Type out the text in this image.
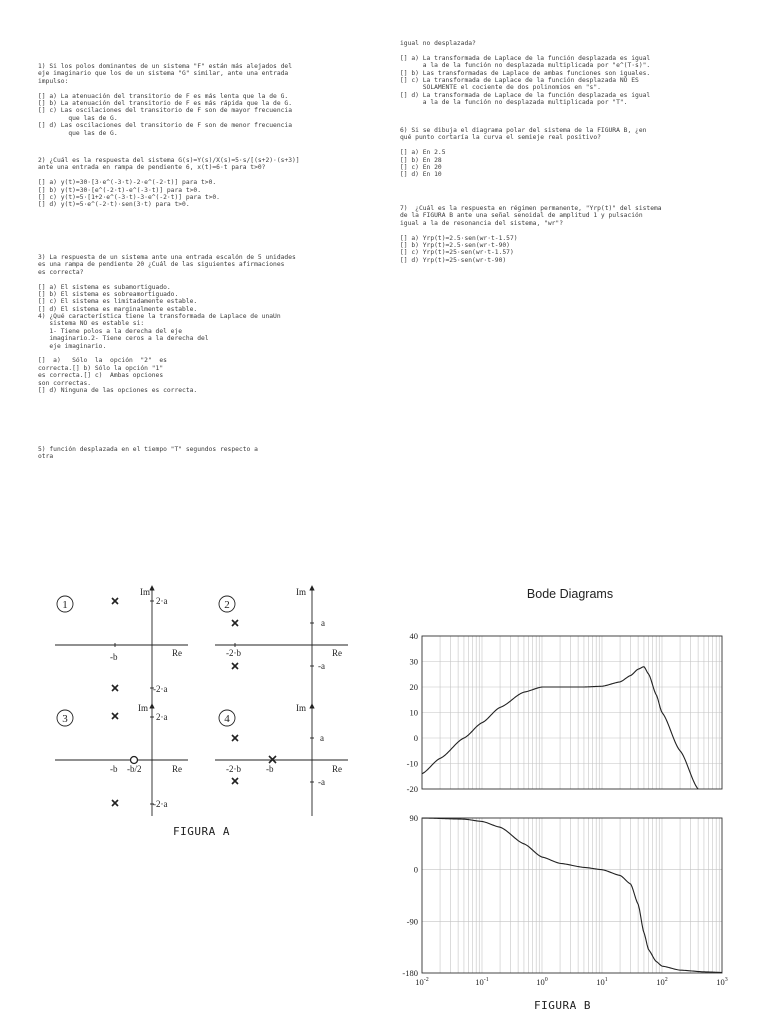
1) Si los polos dominantes de un sistema "F" están más alejados del
eje imaginario que los de un sistema "G" similar, ante una entrada
impulso:

[] a) La atenuación del transitorio de F es más lenta que la de G.
[] b) La atenuación del transitorio de F es más rápida que la de G.
[] c) Las oscilaciones del transitorio de F son de mayor frecuencia
que las de G.
[] d) Las oscilaciones del transitorio de F son de menor frecuencia
que las de G.
2) ¿Cuál es la respuesta del sistema G(s)=Y(s)/X(s)=5·s/[(s+2)·(s+3)]
ante una entrada en rampa de pendiente 6, x(t)=6·t para t>0?

[] a) y(t)=30·[3·e^(-3·t)-2·e^(-2·t)] para t>0.
[] b) y(t)=30·[e^(-2·t)-e^(-3·t)] para t>0.
[] c) y(t)=5·[1+2·e^(-3·t)-3·e^(-2·t)] para t>0.
[] d) y(t)=5·e^(-2·t)·sen(3·t) para t>0.
3) La respuesta de un sistema ante una entrada escalón de 5 unidades
es una rampa de pendiente 20 ¿Cuál de las siguientes afirmaciones
es correcta?

[] a) El sistema es subamortiguado.
[] b) El sistema es sobreamortiguado.
[] c) El sistema es limitadamente estable.
[] d) El sistema es marginalmente estable.
4) ¿Qué característica tiene la transformada de Laplace de unaUn
sistema NO es estable si:
1- Tiene polos a la derecha del eje
imaginario.2- Tiene ceros a la derecha del
eje imaginario.

[]  a)   Sólo  la  opción  "2"  es
correcta.[] b) Sólo la opción "1"
es correcta.[] c)  Ambas opciones
son correctas.
[] d) Ninguna de las opciones es correcta.
5) función desplazada en el tiempo "T" segundos respecto a
otra
igual no desplazada?

[] a) La transformada de Laplace de la función desplazada es igual
a la de la función no desplazada multiplicada por "e^(T·s)".
[] b) Las transformadas de Laplace de ambas funciones son iguales.
[] c) La transformada de Laplace de la función desplazada NO ES
SOLAMENTE el cociente de dos polinomios en "s".
[] d) La transformada de Laplace de la función desplazada es igual
a la de la función no desplazada multiplicada por "T".
6) Si se dibuja el diagrama polar del sistema de la FIGURA B, ¿en
qué punto cortaría la curva el semieje real positivo?

[] a) En 2.5
[] b) En 28
[] c) En 20
[] d) En 10
7)  ¿Cuál es la respuesta en régimen permanente, "Yrp(t)" del sistema
de la FIGURA B ante una señal senoidal de amplitud 1 y pulsación
igual a la de resonancia del sistema, "wr"?

[] a) Yrp(t)=2.5·sen(wr·t-1.57)
[] b) Yrp(t)=2.5·sen(wr·t-90)
[] c) Yrp(t)=25·sen(wr·t-1.57)
[] d) Yrp(t)=25·sen(wr·t-90)
1
Im
Re
2·a
-2·a
-b
2
Im
Re
a
-a
-2·b
3
Im
Re
2·a
-2·a
-b -b/2
4
Im
Re
a
-a
-2·b	-b
FIGURA A
Bode Diagrams
40
30
20
10
0
-10
-20
90
0
-90
-180
$10^{-2}$	$10^{-1}$	$10^0$	$10^1$	$10^2$	$10^3$
FIGURA B
